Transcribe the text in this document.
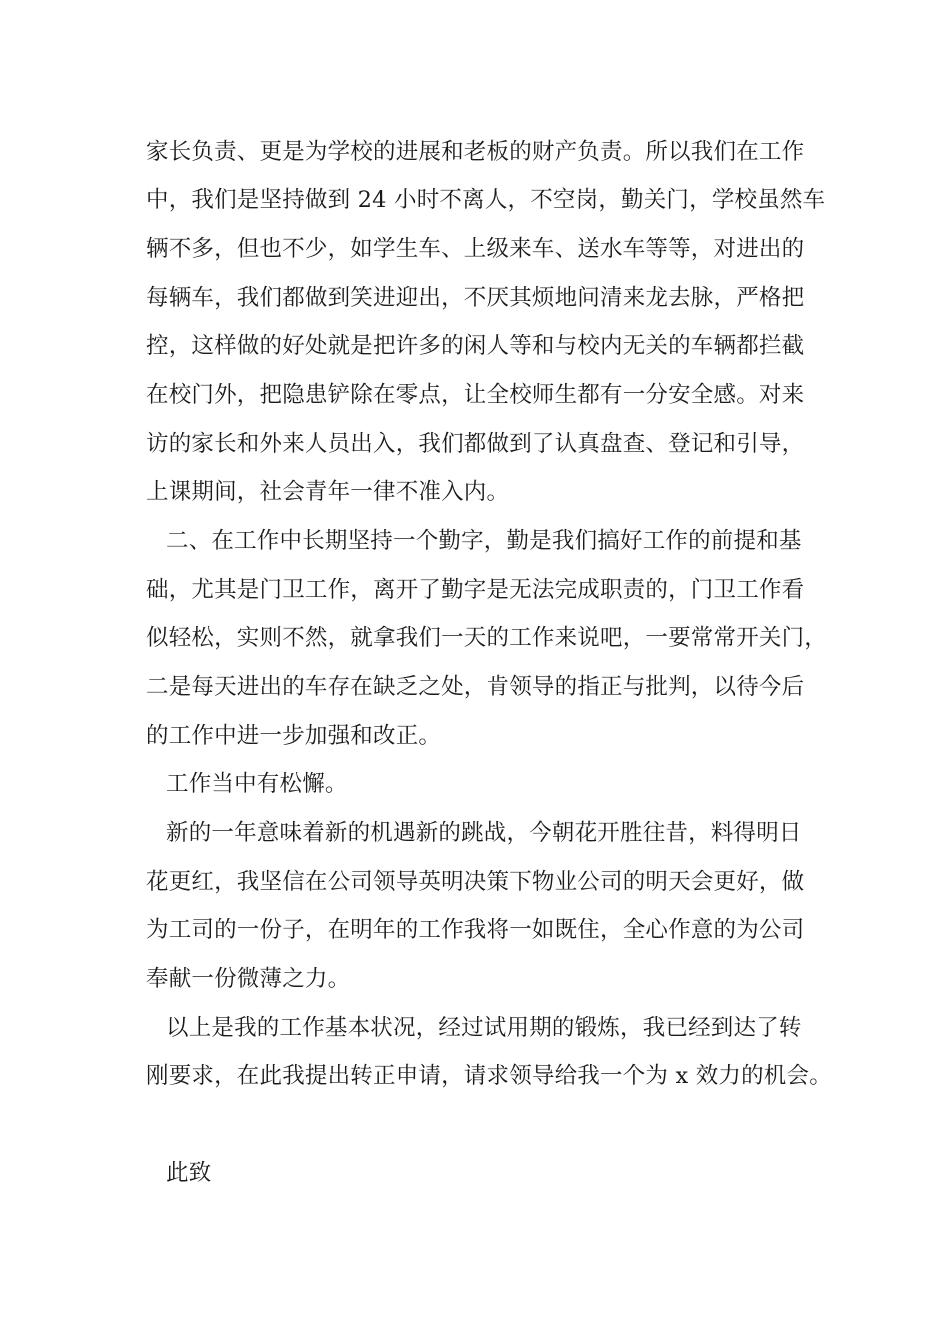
家长负责、更是为学校的进展和老板的财产负责。所以我们在工作
中，我们是坚持做到 24 小时不离人，不空岗，勤关门，学校虽然车
辆不多，但也不少，如学生车、上级来车、送水车等等，对进出的
每辆车，我们都做到笑进迎出，不厌其烦地问清来龙去脉，严格把
控，这样做的好处就是把许多的闲人等和与校内无关的车辆都拦截
在校门外，把隐患铲除在零点，让全校师生都有一分安全感。对来
访的家长和外来人员出入，我们都做到了认真盘查、登记和引导，
上课期间，社会青年一律不准入内。
二、在工作中长期坚持一个勤字，勤是我们搞好工作的前提和基
础，尤其是门卫工作，离开了勤字是无法完成职责的，门卫工作看
似轻松，实则不然，就拿我们一天的工作来说吧，一要常常开关门，
二是每天进出的车存在缺乏之处，肯领导的指正与批判，以待今后
的工作中进一步加强和改正。
工作当中有松懈。
新的一年意味着新的机遇新的跳战，今朝花开胜往昔，料得明日
花更红，我坚信在公司领导英明决策下物业公司的明天会更好，做
为工司的一份子，在明年的工作我将一如既住，全心作意的为公司
奉献一份微薄之力。
以上是我的工作基本状况，经过试用期的锻炼，我已经到达了转
刚要求，在此我提出转正申请，请求领导给我一个为 x 效力的机会。
此致
